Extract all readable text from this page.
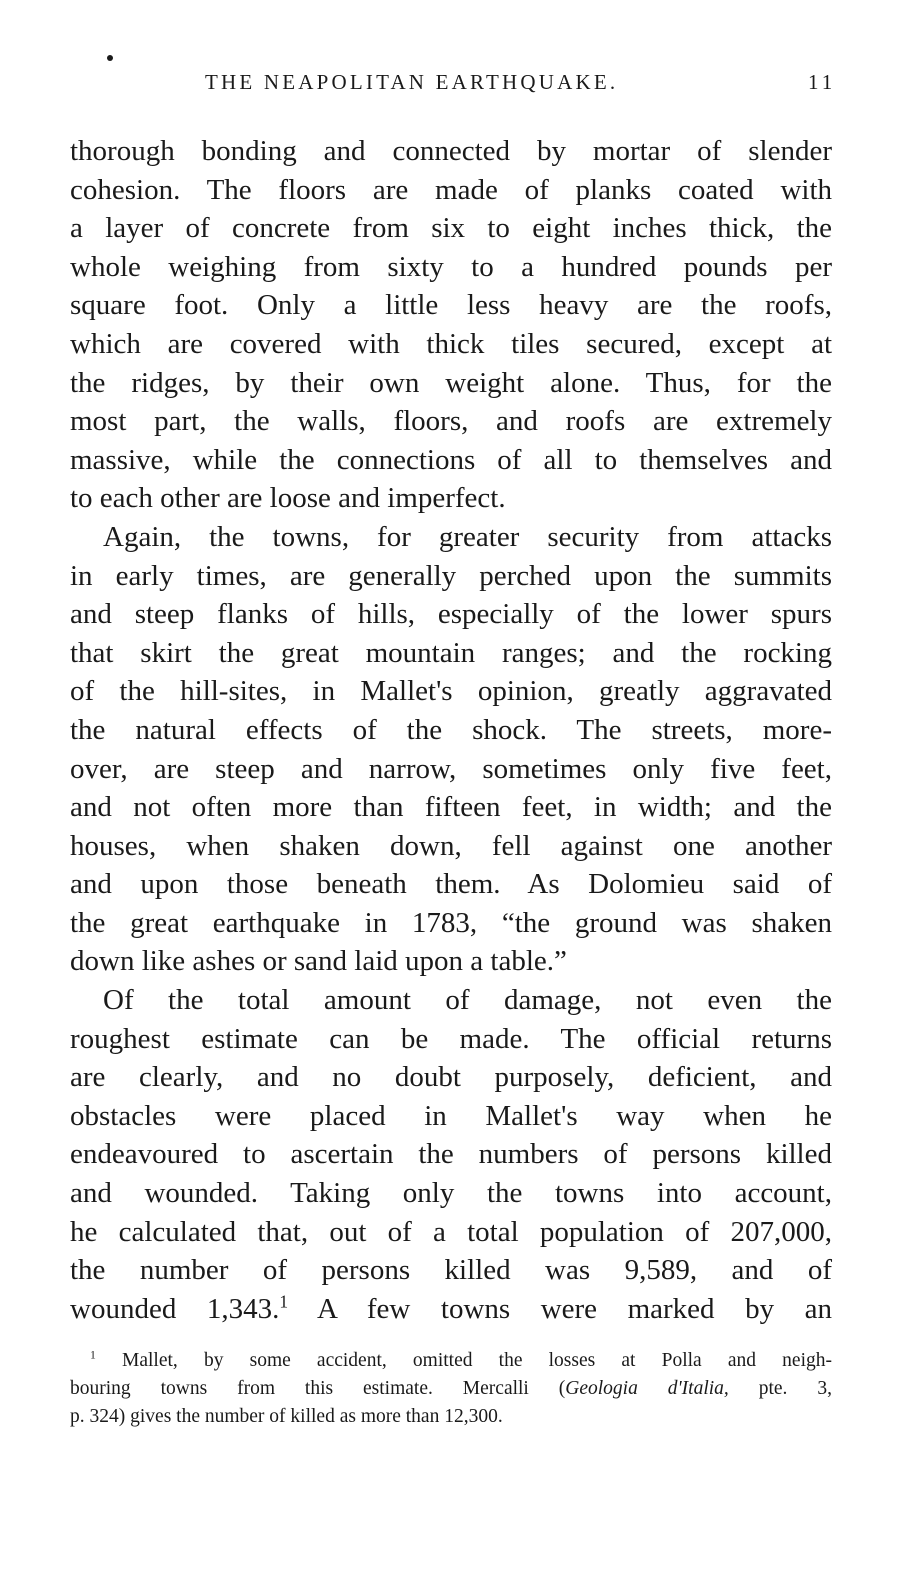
THE NEAPOLITAN EARTHQUAKE.	11
thorough bonding and connected by mortar of slender
cohesion. The floors are made of planks coated with
a layer of concrete from six to eight inches thick, the
whole weighing from sixty to a hundred pounds per
square foot. Only a little less heavy are the roofs,
which are covered with thick tiles secured, except at
the ridges, by their own weight alone. Thus, for the
most part, the walls, floors, and roofs are extremely
massive, while the connections of all to themselves and
to each other are loose and imperfect.
Again, the towns, for greater security from attacks
in early times, are generally perched upon the summits
and steep flanks of hills, especially of the lower spurs
that skirt the great mountain ranges; and the rocking
of the hill-sites, in Mallet's opinion, greatly aggravated
the natural effects of the shock. The streets, more-
over, are steep and narrow, sometimes only five feet,
and not often more than fifteen feet, in width; and the
houses, when shaken down, fell against one another
and upon those beneath them. As Dolomieu said of
the great earthquake in 1783, “the ground was shaken
down like ashes or sand laid upon a table.”
Of the total amount of damage, not even the
roughest estimate can be made. The official returns
are clearly, and no doubt purposely, deficient, and
obstacles were placed in Mallet's way when he
endeavoured to ascertain the numbers of persons killed
and wounded. Taking only the towns into account,
he calculated that, out of a total population of 207,000,
the number of persons killed was 9,589, and of
wounded 1,343.$^1$ A few towns were marked by an
$^1$ Mallet, by some accident, omitted the losses at Polla and neigh-
bouring towns from this estimate. Mercalli (Geologia d'Italia, pte. 3,
p. 324) gives the number of killed as more than 12,300.
